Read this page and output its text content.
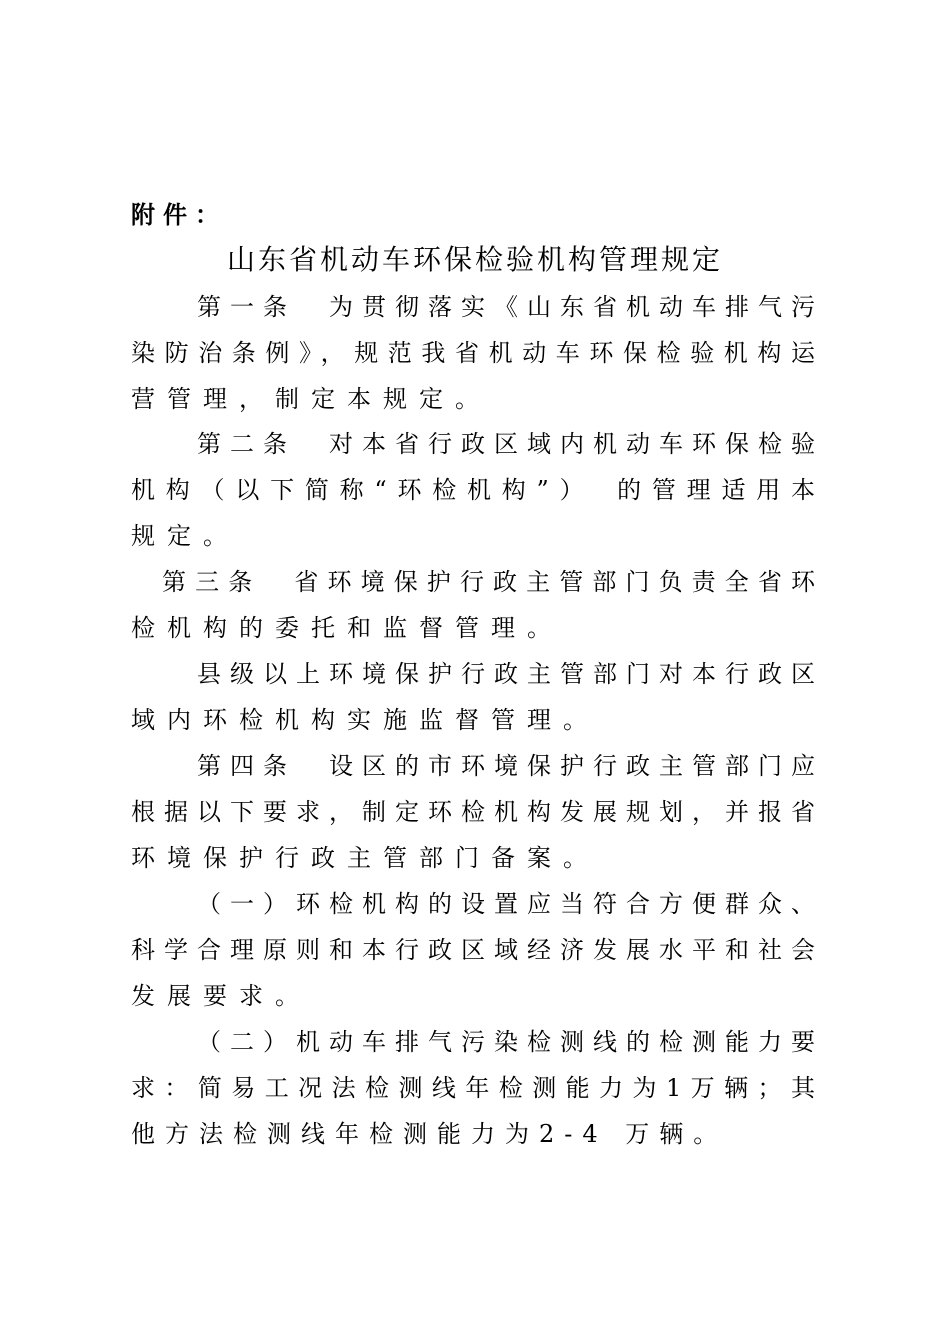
附件：
山东省机动车环保检验机构管理规定
第一条　为贯彻落实《山东省机动车排气污
染防治条例》，规范我省机动车环保检验机构运
营管理，制定本规定。
第二条　对本省行政区域内机动车环保检验
机构（以下简称“环检机构”）　的管理适用本
规定。
第三条　省环境保护行政主管部门负责全省环
检机构的委托和监督管理。
县级以上环境保护行政主管部门对本行政区
域内环检机构实施监督管理。
第四条　设区的市环境保护行政主管部门应
根据以下要求，制定环检机构发展规划，并报省
环境保护行政主管部门备案。
（一）环检机构的设置应当符合方便群众、
科学合理原则和本行政区域经济发展水平和社会
发展要求。
（二）机动车排气污染检测线的检测能力要
求：简易工况法检测线年检测能力为1万辆；其
他方法检测线年检测能力为2-4 万辆。
